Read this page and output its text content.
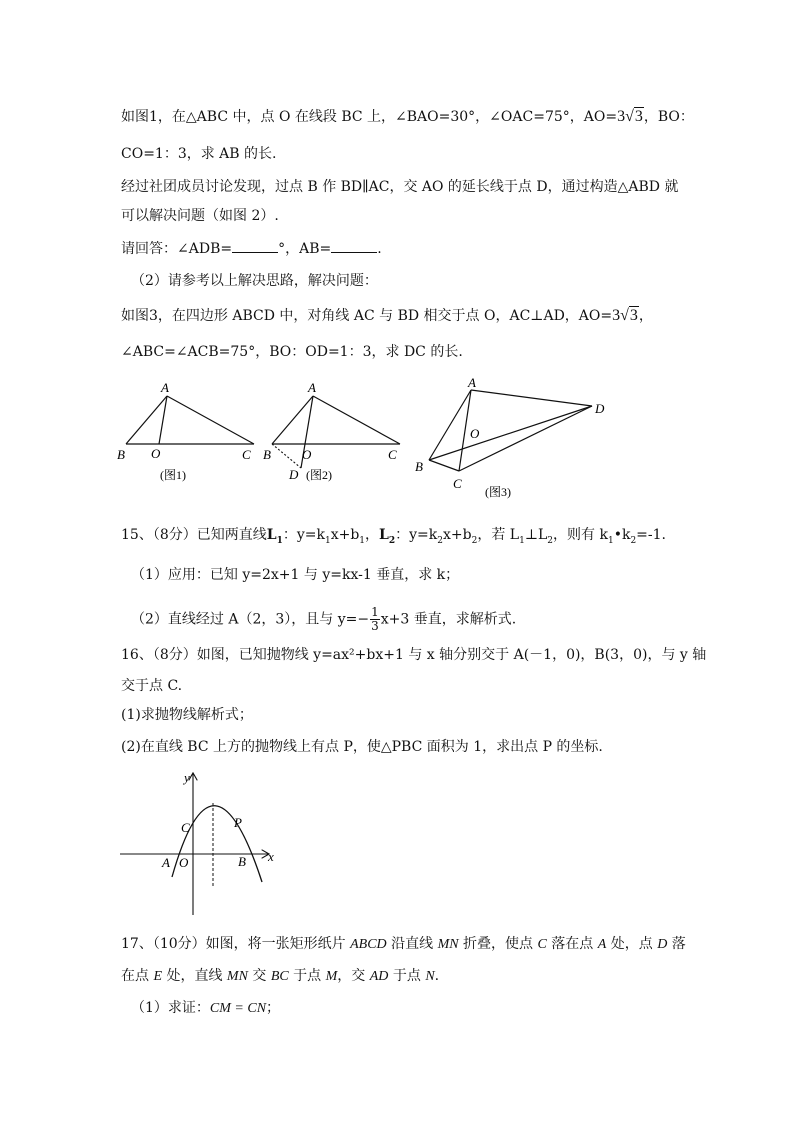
如图1，在△ABC 中，点 O 在线段 BC 上，∠BAO=30°，∠OAC=75°，AO=3√3，BO：
CO=1：3，求 AB 的长.
经过社团成员讨论发现，过点 B 作 BD∥AC，交 AO 的延长线于点 D，通过构造△ABD 就
可以解决问题（如图 2）.
请回答：∠ADB=	°，AB=	.
（2）请参考以上解决思路，解决问题：
如图3，在四边形 ABCD 中，对角线 AC 与 BD 相交于点 O，AC⊥AD，AO=3√3，
∠ABC=∠ACB=75°，BO：OD=1：3，求 DC 的长.
A
B O	C
(图1)
A
B O	C
D (图2)
A
D
O
B
C
(图3)
15、（8分）已知两直线$L_1$：$y=k_1x+b_1$，$L_2$：$y=k_2x+b_2$，若 $L_1\perp L_2$，则有 $k_1•k_2=-1$.
（1）应用：已知 y=2x+1 与 y=kx-1 垂直，求 k；
（2）直线经过 A（2，3），且与 $y=- \frac{1}{3} x+3$ 垂直，求解析式.
16、（8分）如图，已知抛物线 y=ax²+bx+1 与 x 轴分别交于 A(－1，0)，B(3，0)，与 y 轴
交于点 C.
(1)求抛物线解析式；
(2)在直线 BC 上方的抛物线上有点 P，使△PBC 面积为 1，求出点 P 的坐标.
y
x
C	P
A O	B
17、（10分）如图，将一张矩形纸片 ABCD 沿直线 MN 折叠，使点 C 落在点 A 处，点 D 落
在点 E 处，直线 MN 交 BC 于点 M，交 AD 于点 N.
（1）求证：CM = CN；
